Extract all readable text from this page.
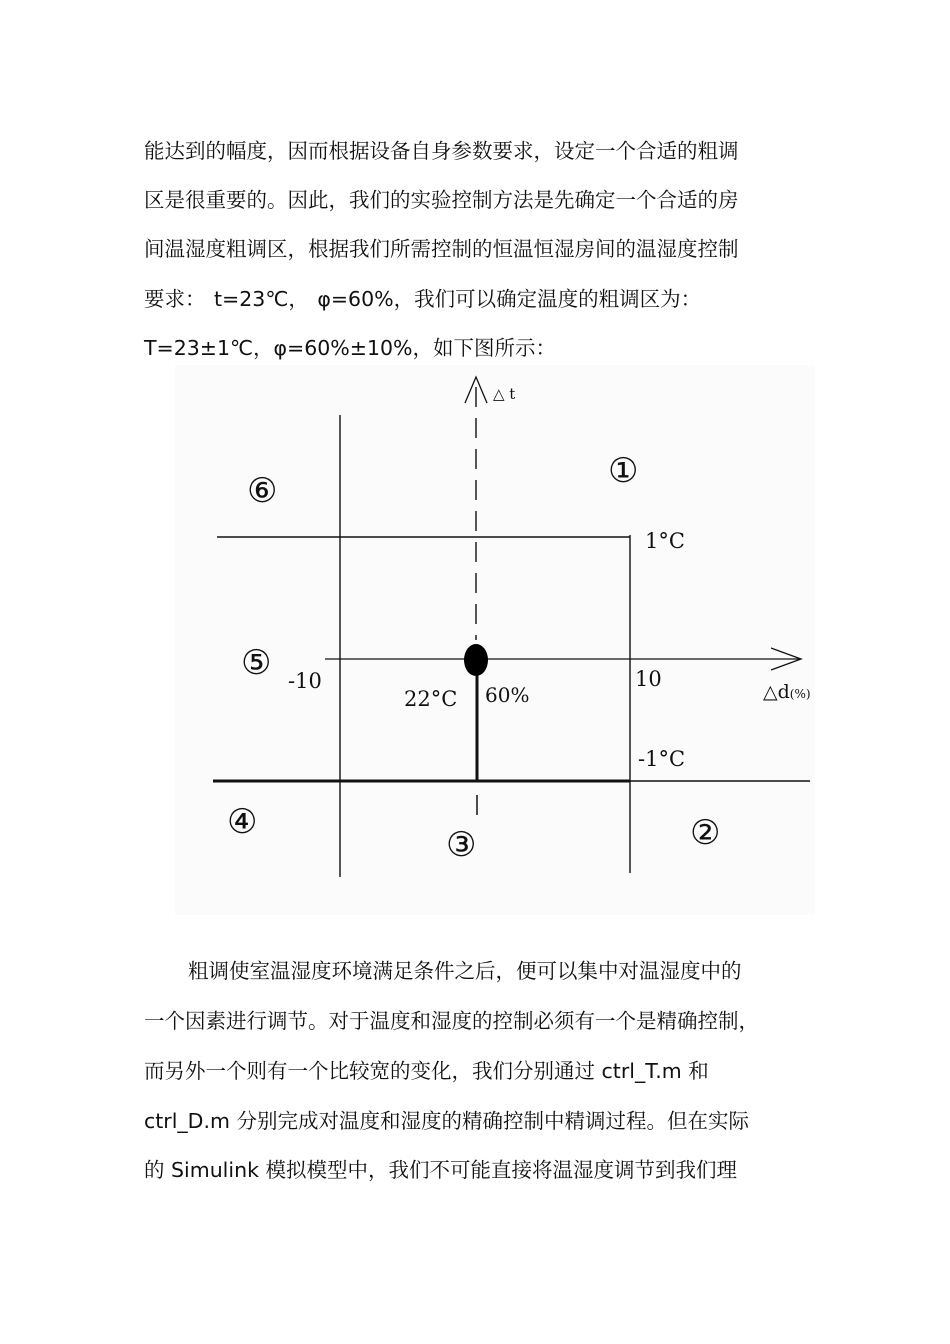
能达到的幅度，因而根据设备自身参数要求，设定一个合适的粗调
区是很重要的。因此，我们的实验控制方法是先确定一个合适的房
间温湿度粗调区，根据我们所需控制的恒温恒湿房间的温湿度控制
要求： t=23℃， φ=60%，我们可以确定温度的粗调区为：
T=23±1℃，φ=60%±10%，如下图所示：
△ t
△d(%)
1°C
-1°C
-10	10
22°C 60%
①
②
③
④
⑤
⑥
粗调使室温湿度环境满足条件之后，便可以集中对温湿度中的
一个因素进行调节。对于温度和湿度的控制必须有一个是精确控制，
而另外一个则有一个比较宽的变化，我们分别通过 ctrl_T.m 和
ctrl_D.m 分别完成对温度和湿度的精确控制中精调过程。但在实际
的 Simulink 模拟模型中，我们不可能直接将温湿度调节到我们理
